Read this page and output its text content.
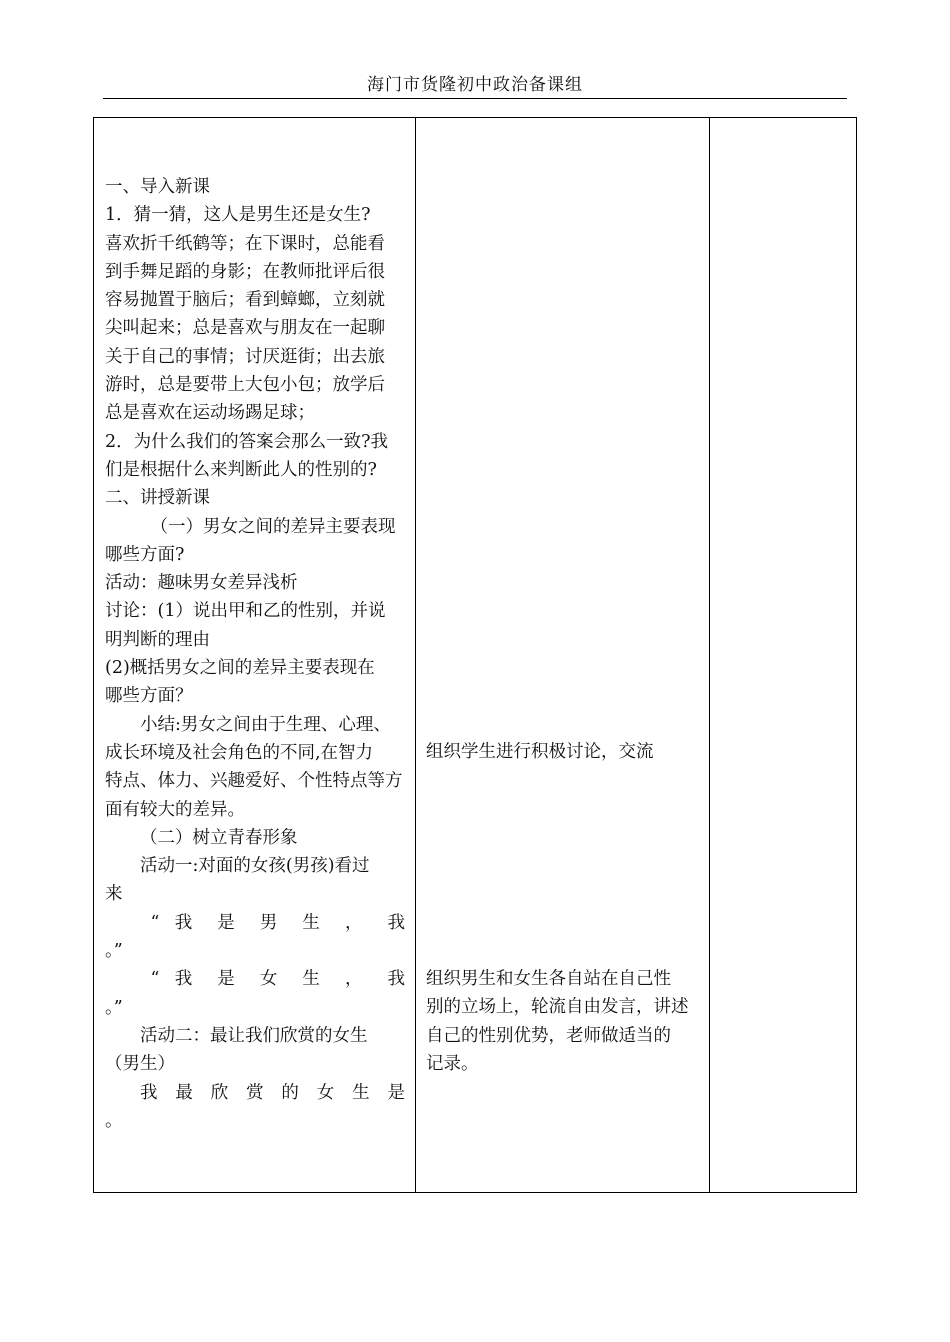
海门市货隆初中政治备课组

一、导入新课

1．猜一猜，这人是男生还是女生?

喜欢折千纸鹤等；在下课时，总能看

到手舞足蹈的身影；在教师批评后很

容易抛置于脑后；看到蟑螂，立刻就

尖叫起来；总是喜欢与朋友在一起聊

关于自己的事情；讨厌逛街；出去旅

游时，总是要带上大包小包；放学后

总是喜欢在运动场踢足球；

2．为什么我们的答案会那么一致?我

们是根据什么来判断此人的性别的?

二、讲授新课

（一）男女之间的差异主要表现

哪些方面?

活动：趣味男女差异浅析

讨论：(1）说出甲和乙的性别，并说

明判断的理由

(2)概括男女之间的差异主要表现在

哪些方面？

小结:男女之间由于生理、心理、

成长环境及社会角色的不同,在智力

特点、体力、兴趣爱好、个性特点等方

面有较大的差异。

（二）树立青春形象

活动一:对面的女孩(男孩)看过

来

“ 我 是 男 生 ， 我

。”

“ 我 是 女 生 ， 我

。”

活动二：最让我们欣赏的女生

（男生）

我 最 欣 赏 的 女 生 是

。

组织学生进行积极讨论，交流

组织男生和女生各自站在自己性

别的立场上，轮流自由发言，讲述

自己的性别优势，老师做适当的

记录。
